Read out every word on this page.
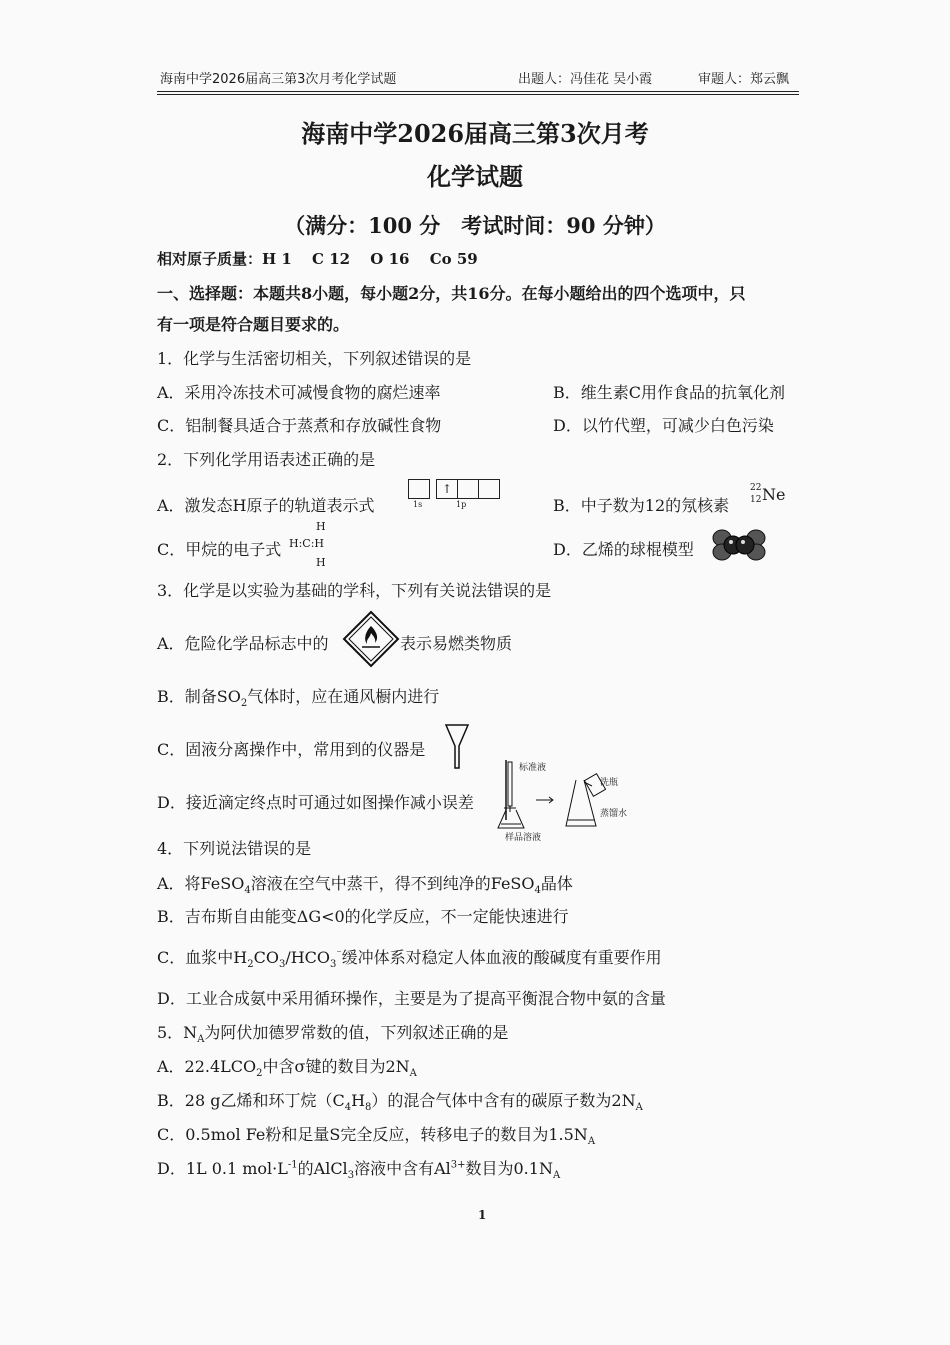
海南中学2026届高三第3次月考化学试题	出题人：冯佳花 吴小霞	审题人：郑云飘
海南中学2026届高三第3次月考
化学试题
（满分：100 分　考试时间：90 分钟）
相对原子质量：H 1　 C 12　 O 16　 Co 59
一、选择题：本题共8小题，每小题2分，共16分。在每小题给出的四个选项中，只
有一项是符合题目要求的。
1．化学与生活密切相关，下列叙述错误的是
A．采用冷冻技术可减慢食物的腐烂速率	B．维生素C用作食品的抗氧化剂
C．铝制餐具适合于蒸煮和存放碱性食物	D．以竹代塑，可减少白色污染
2．下列化学用语表述正确的是
A．激发态H原子的轨道表示式
↑
1s	1p	B．中子数为12的氖核素
22
12 Ne
C．甲烷的电子式
H
H:C:H
H
D．乙烯的球棍模型
3．化学是以实验为基础的学科，下列有关说法错误的是
A．危险化学品标志中的	表示易燃类物质
B．制备$SO_2$气体时，应在通风橱内进行
C．固液分离操作中，常用到的仪器是
D．接近滴定终点时可通过如图操作减小误差
标准液
洗瓶
蒸馏水
样品溶液
4．下列说法错误的是
A．将FeSO$_4$溶液在空气中蒸干，得不到纯净的FeSO$_4$晶体
B．吉布斯自由能变ΔG<0的化学反应，不一定能快速进行
C．血浆中$H_2CO_3/HCO_3^{^-}$缓冲体系对稳定人体血液的酸碱度有重要作用
D．工业合成氨中采用循环操作，主要是为了提高平衡混合物中氨的含量
5．$N_A$为阿伏加德罗常数的值，下列叙述正确的是
A．$22.4LCO_2$中含σ键的数目为$2N_A$
B．28 g乙烯和环丁烷$(C_4H_8)$的混合气体中含有的碳原子数为$2N_A$
C．0.5mol Fe粉和足量S完全反应，转移电子的数目为$1.5N_A$
D．1L 0.1 $mol\cdot L^{-1}$的AlCl$_3$溶液中含有$Al^{3+}$数目为$0.1N_A$
1
